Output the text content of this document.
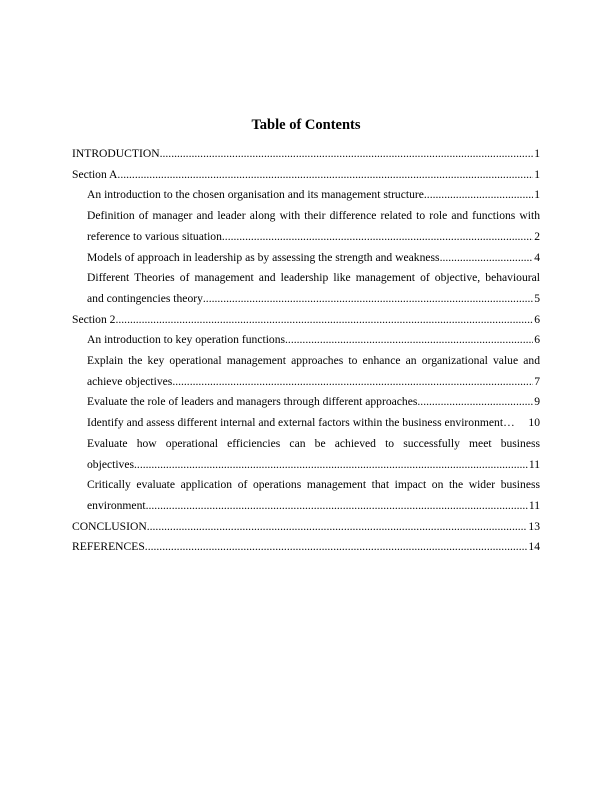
Table of Contents
INTRODUCTION .....	1
Section A .....	1
An introduction to the chosen organisation and its management structure .....	1
Definition of manager and leader along with their difference related to role and functions with
reference to various situation .....	2
Models of approach in leadership as by assessing the strength and weakness .....	4
Different Theories of management and leadership like management of objective, behavioural
and contingencies theory .....	5
Section 2 .....	6
An introduction to key operation functions .....	6
Explain the key operational management approaches to enhance an organizational value and
achieve objectives .....	7
Evaluate the role of leaders and managers through different approaches .....	9
Identify and assess different internal and external factors within the business environment… 10
Evaluate how operational efficiencies can be achieved to successfully meet business
objectives .....	11
Critically evaluate application of operations management that impact on the wider business
environment .....	11
CONCLUSION .....	13
REFERENCES .....	14
